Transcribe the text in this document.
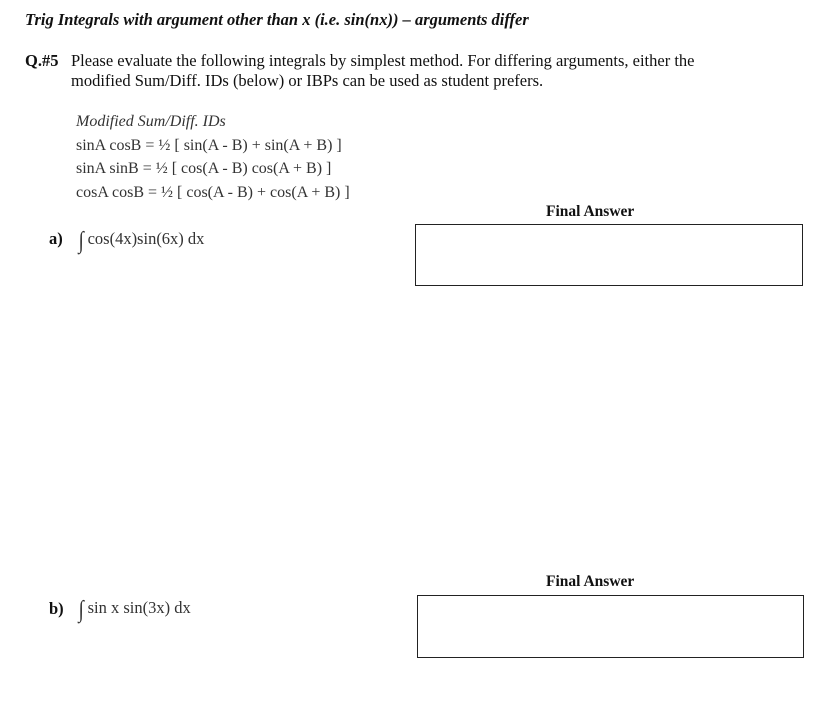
Trig Integrals with argument other than x (i.e. sin(nx)) – arguments differ
Q.#5 Please evaluate the following integrals by simplest method. For differing arguments, either the
modified Sum/Diff. IDs (below) or IBPs can be used as student prefers.
Modified Sum/Diff. IDs
sinA cosB = ½ [ sin(A - B) + sin(A + B) ]
sinA sinB = ½ [ cos(A - B) cos(A + B) ]
cosA cosB = ½ [ cos(A - B) + cos(A + B) ]
Final Answer
a) ∫ cos(4x)sin(6x) dx
Final Answer
b) ∫ sin x sin(3x) dx
